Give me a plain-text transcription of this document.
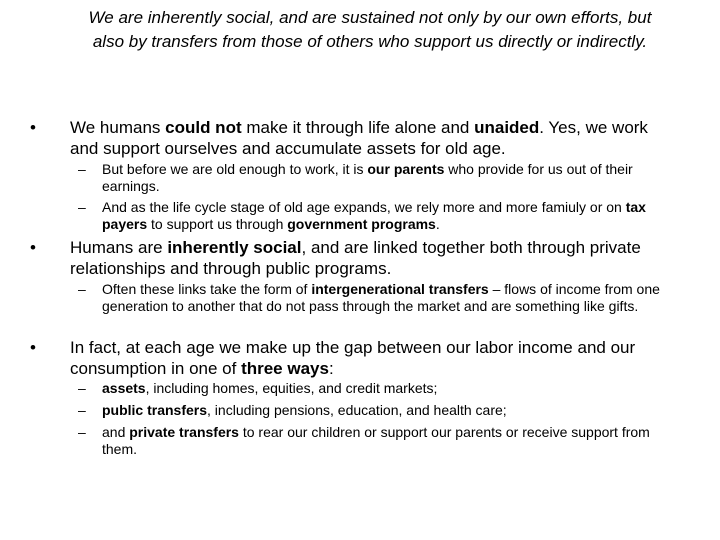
We are inherently social, and are sustained not only by our own efforts, but
also by transfers from those of others who support us directly or indirectly.
• We humans could not make it through life alone and unaided. Yes, we work and support ourselves and accumulate assets for old age.
– But before we are old enough to work, it is our parents who provide for us out of their earnings.
– And as the life cycle stage of old age expands, we rely more and more famiuly or on tax payers to support us through government programs.
• Humans are inherently social, and are linked together both through private relationships and through public programs.
– Often these links take the form of intergenerational transfers – flows of income from one generation to another that do not pass through the market and are something like gifts.
• In fact, at each age we make up the gap between our labor income and our consumption in one of three ways:
– assets, including homes, equities, and credit markets;
– public transfers, including pensions, education, and health care;
– and private transfers to rear our children or support our parents or receive support from them.
